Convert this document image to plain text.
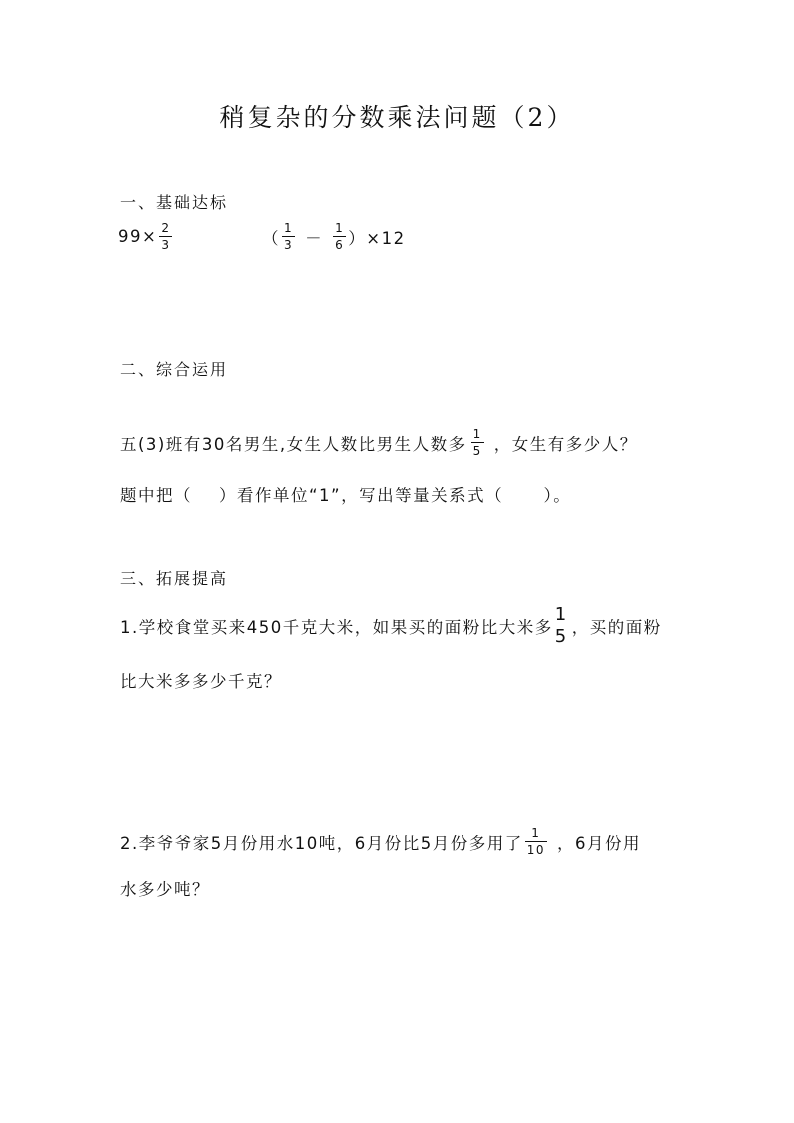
稍复杂的分数乘法问题（2）
一、基础达标
$99\times \frac{2}{3}$	（ $\frac{1}{3} - \frac{1}{6} )\times 12$
二、综合运用
五(3)班有30名男生,女生人数比男生人数多 $\frac{1}{5}$ ，女生有多少人？
题中把（    ）看作单位“1”，写出等量关系式（      ）。
三、拓展提高
1.学校食堂买来450千克大米，如果买的面粉比大米多
1
5 ，买的面粉
比大米多多少千克？
2.李爷爷家5月份用水10吨，6月份比5月份多用了 $\frac{1}{10}$ ，6月份用
水多少吨？
